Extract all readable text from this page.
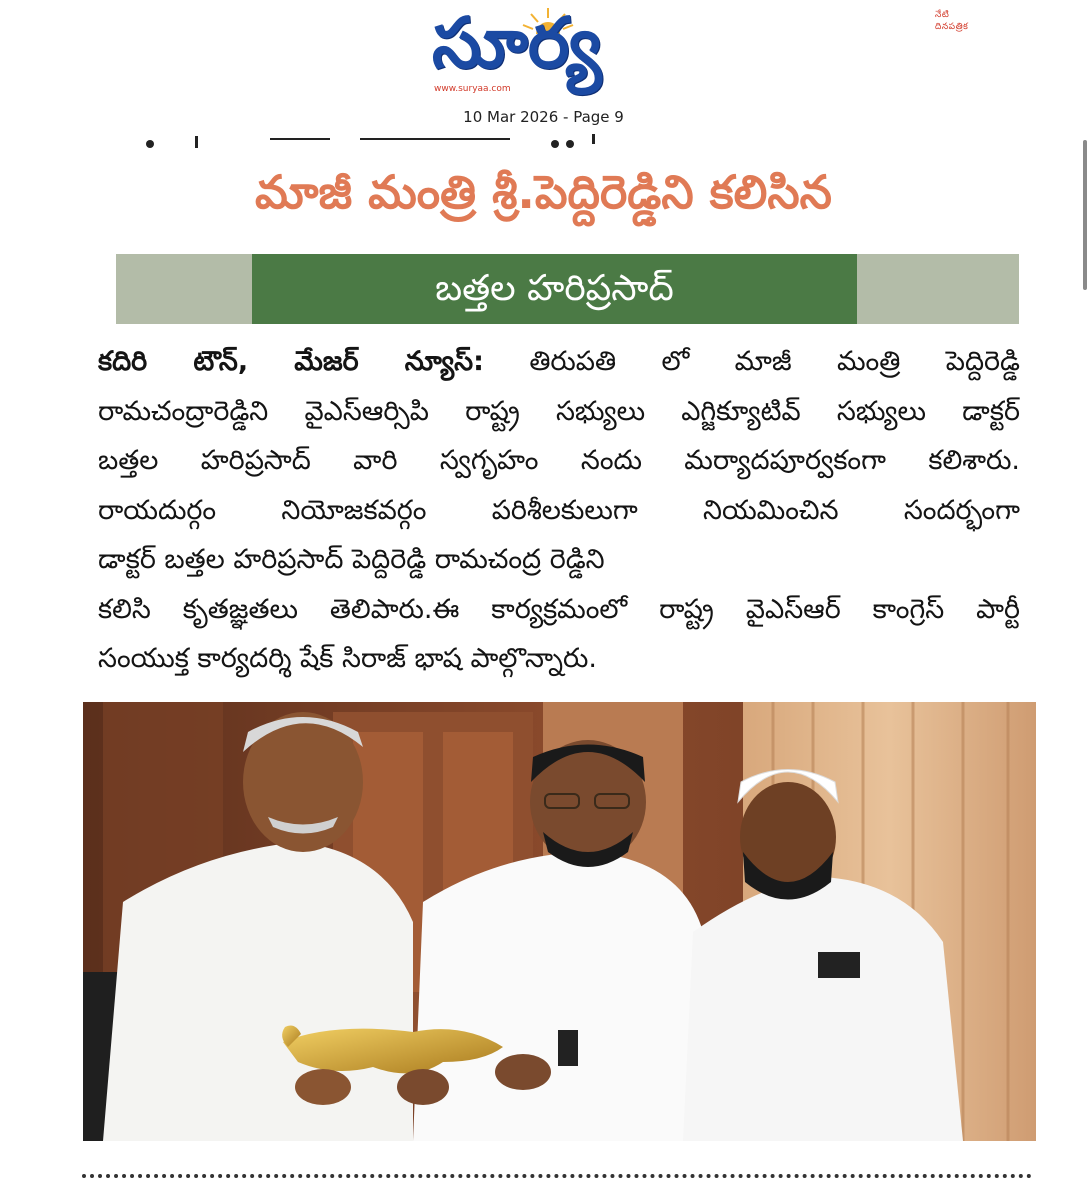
సూర్య	నేటి దినపత్రిక
www.suryaa.com
10 Mar 2026 - Page 9
మాజీ మంత్రి శ్రీ.పెద్దిరెడ్డిని కలిసిన
బత్తల హరిప్రసాద్
కదిరి టౌన్, మేజర్ న్యూస్: తిరుపతి లో మాజీ మంత్రి పెద్దిరెడ్డి
రామచంద్రారెడ్డిని వైఎస్ఆర్సిపి రాష్ట్ర సభ్యులు ఎగ్జిక్యూటివ్ సభ్యులు డాక్టర్
బత్తల హరిప్రసాద్ వారి స్వగృహం నందు మర్యాదపూర్వకంగా కలిశారు.
రాయదుర్గం నియోజకవర్గం పరిశీలకులుగా నియమించిన సందర్భంగా
డాక్టర్ బత్తల హరిప్రసాద్ పెద్దిరెడ్డి రామచంద్ర రెడ్డిని
కలిసి కృతజ్ఞతలు తెలిపారు.ఈ కార్యక్రమంలో రాష్ట్ర వైఎస్ఆర్ కాంగ్రెస్ పార్టీ
సంయుక్త కార్యదర్శి షేక్ సిరాజ్ భాష పాల్గొన్నారు.
